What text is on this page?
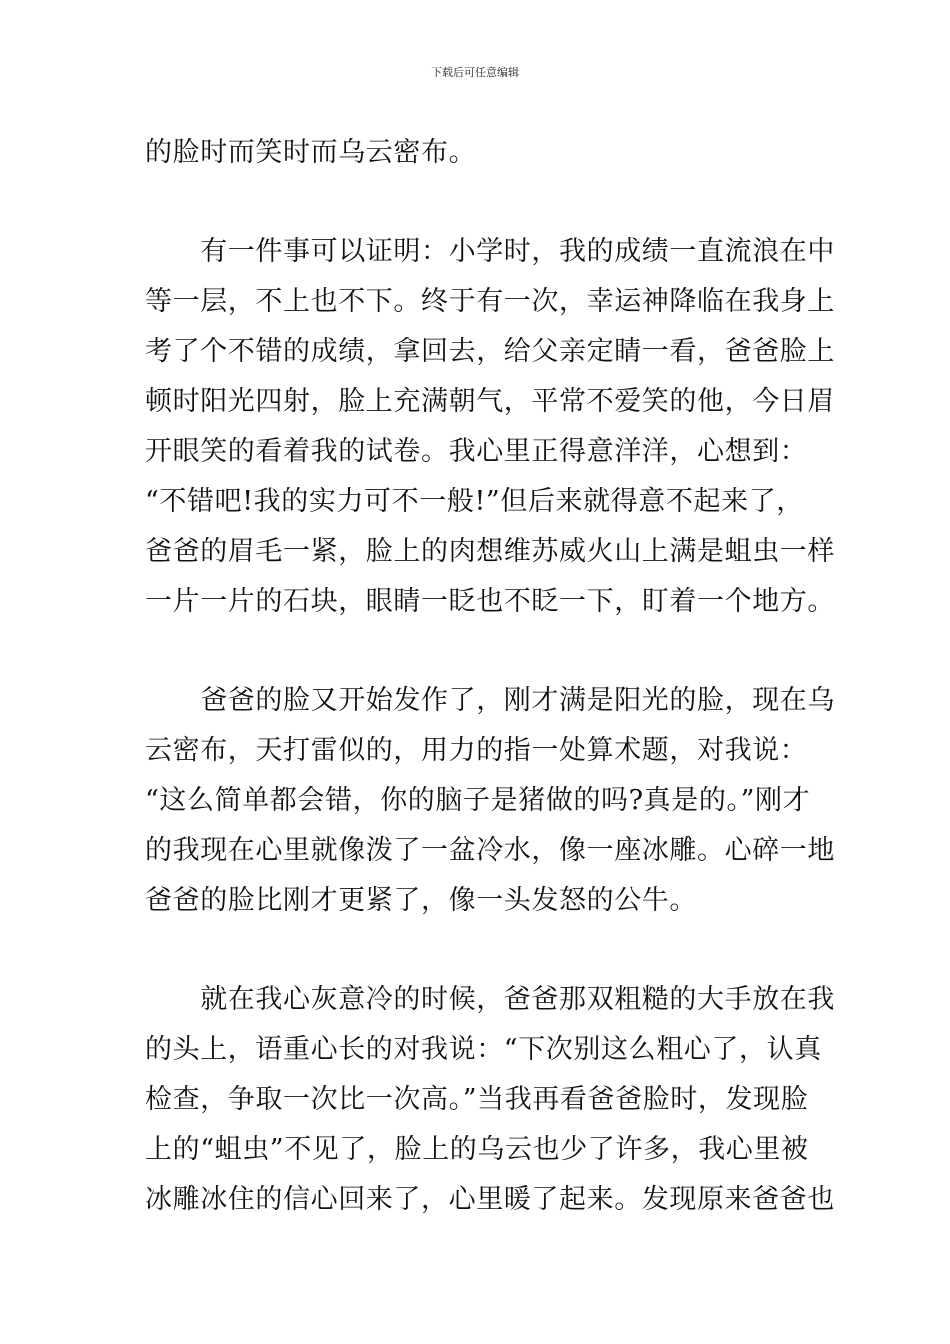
下载后可任意编辑
的脸时而笑时而乌云密布。
　　有一件事可以证明：小学时，我的成绩一直流浪在中
等一层，不上也不下。终于有一次，幸运神降临在我身上
考了个不错的成绩，拿回去，给父亲定睛一看，爸爸脸上
顿时阳光四射，脸上充满朝气，平常不爱笑的他，今日眉
开眼笑的看着我的试卷。我心里正得意洋洋，心想到：
“不错吧!我的实力可不一般!”但后来就得意不起来了，
爸爸的眉毛一紧，脸上的肉想维苏威火山上满是蛆虫一样
一片一片的石块，眼睛一眨也不眨一下，盯着一个地方。
　　爸爸的脸又开始发作了，刚才满是阳光的脸，现在乌
云密布，天打雷似的，用力的指一处算术题，对我说：
“这么简单都会错，你的脑子是猪做的吗?真是的。”刚才
的我现在心里就像泼了一盆冷水，像一座冰雕。心碎一地
爸爸的脸比刚才更紧了，像一头发怒的公牛。
　　就在我心灰意冷的时候，爸爸那双粗糙的大手放在我
的头上，语重心长的对我说：“下次别这么粗心了，认真
检查，争取一次比一次高。”当我再看爸爸脸时，发现脸
上的“蛆虫”不见了，脸上的乌云也少了许多，我心里被
冰雕冰住的信心回来了，心里暖了起来。发现原来爸爸也
